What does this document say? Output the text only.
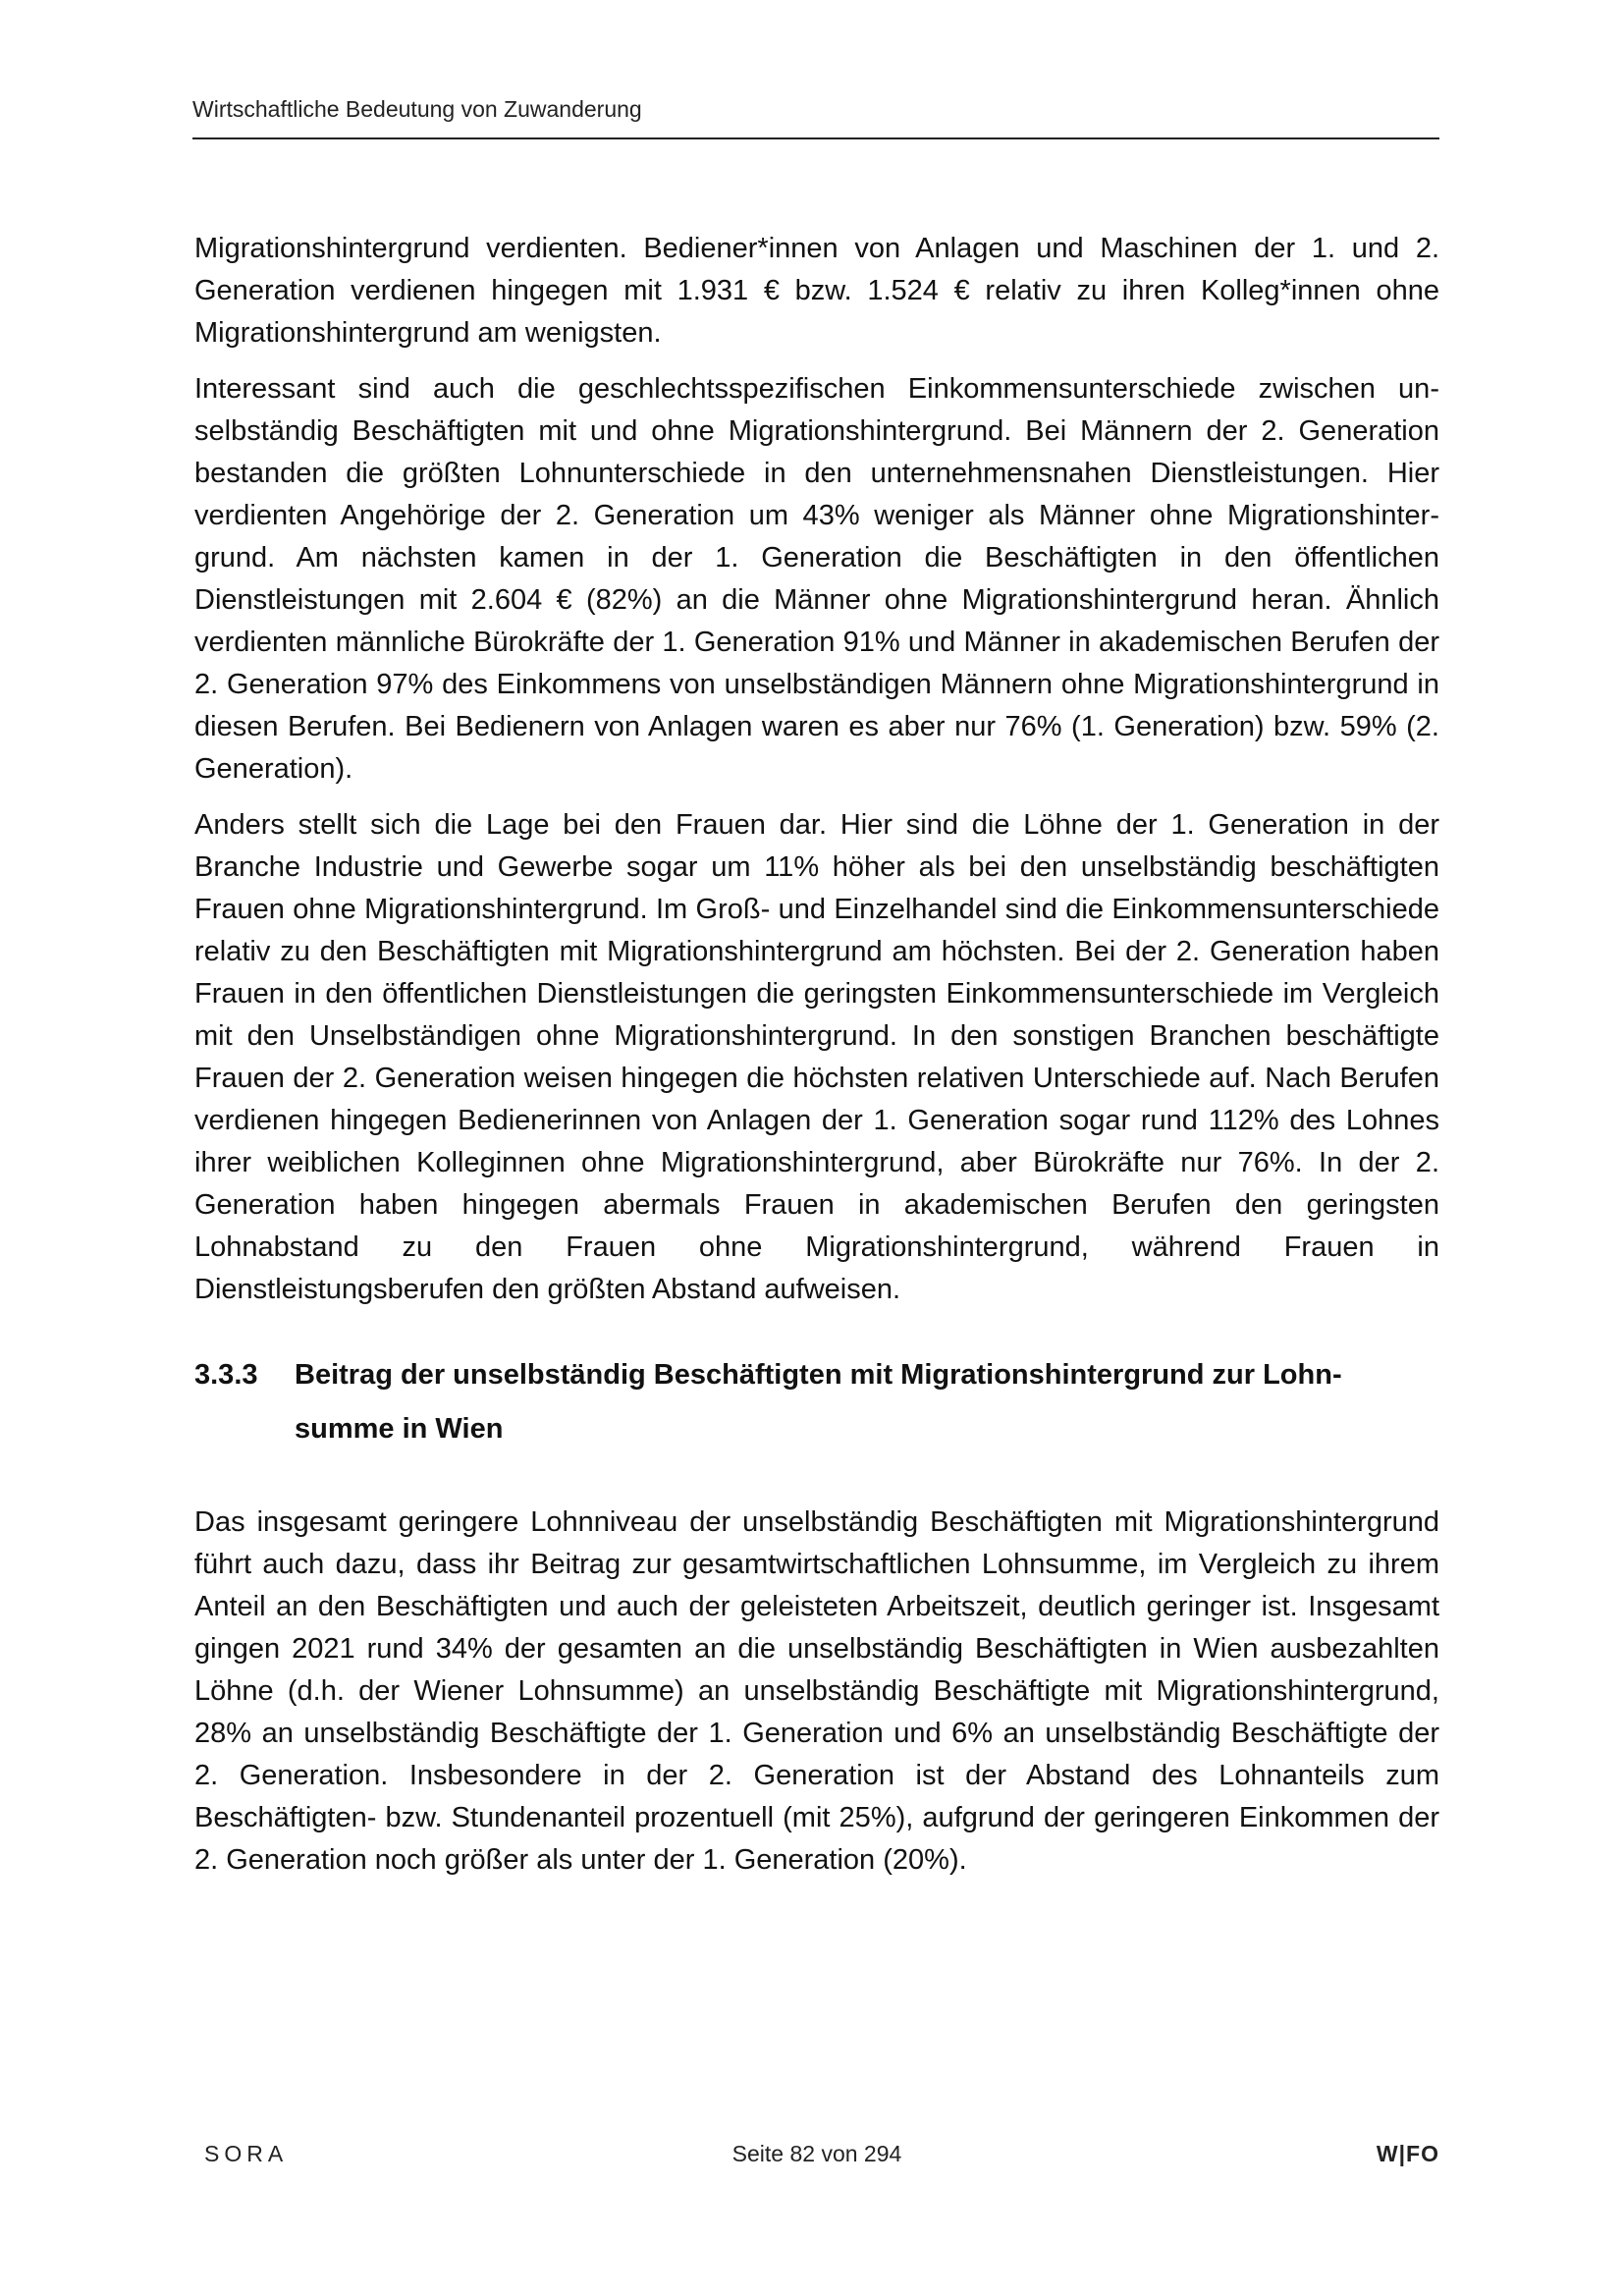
Wirtschaftliche Bedeutung von Zuwanderung

Migrationshintergrund verdienten. Bediener*innen von Anlagen und Maschinen der 1. und 2. Generation verdienen hingegen mit 1.931 € bzw. 1.524 € relativ zu ihren Kolleg*innen ohne Migrationshintergrund am wenigsten.

Interessant sind auch die geschlechtsspezifischen Einkommensunterschiede zwischen unselbständig Beschäftigten mit und ohne Migrationshintergrund. Bei Männern der 2. Generation bestanden die größten Lohnunterschiede in den unternehmensnahen Dienstleistungen. Hier verdienten Angehörige der 2. Generation um 43% weniger als Männer ohne Migrationshintergrund. Am nächsten kamen in der 1. Generation die Beschäftigten in den öffentlichen Dienstleistungen mit 2.604 € (82%) an die Männer ohne Migrationshintergrund heran. Ähnlich verdienten männliche Bürokräfte der 1. Generation 91% und Männer in akademischen Berufen der 2. Generation 97% des Einkommens von unselbständigen Männern ohne Migrationshintergrund in diesen Berufen. Bei Bedienern von Anlagen waren es aber nur 76% (1. Generation) bzw. 59% (2. Generation).

Anders stellt sich die Lage bei den Frauen dar. Hier sind die Löhne der 1. Generation in der Branche Industrie und Gewerbe sogar um 11% höher als bei den unselbständig beschäftigten Frauen ohne Migrationshintergrund. Im Groß- und Einzelhandel sind die Einkommensunterschiede relativ zu den Beschäftigten mit Migrationshintergrund am höchsten. Bei der 2. Generation haben Frauen in den öffentlichen Dienstleistungen die geringsten Einkommensunterschiede im Vergleich mit den Unselbständigen ohne Migrationshintergrund. In den sonstigen Branchen beschäftigte Frauen der 2. Generation weisen hingegen die höchsten relativen Unterschiede auf. Nach Berufen verdienen hingegen Bedienerinnen von Anlagen der 1. Generation sogar rund 112% des Lohnes ihrer weiblichen Kolleginnen ohne Migrationshintergrund, aber Bürokräfte nur 76%. In der 2. Generation haben hingegen abermals Frauen in akademischen Berufen den geringsten Lohnabstand zu den Frauen ohne Migrationshintergrund, während Frauen in Dienstleistungsberufen den größten Abstand aufweisen.

3.3.3	Beitrag der unselbständig Beschäftigten mit Migrationshintergrund zur Lohnsumme in Wien

Das insgesamt geringere Lohnniveau der unselbständig Beschäftigten mit Migrationshintergrund führt auch dazu, dass ihr Beitrag zur gesamtwirtschaftlichen Lohnsumme, im Vergleich zu ihrem Anteil an den Beschäftigten und auch der geleisteten Arbeitszeit, deutlich geringer ist. Insgesamt gingen 2021 rund 34% der gesamten an die unselbständig Beschäftigten in Wien ausbezahlten Löhne (d.h. der Wiener Lohnsumme) an unselbständig Beschäftigte mit Migrationshintergrund, 28% an unselbständig Beschäftigte der 1. Generation und 6% an unselbständig Beschäftigte der 2. Generation. Insbesondere in der 2. Generation ist der Abstand des Lohnanteils zum Beschäftigten- bzw. Stundenanteil prozentuell (mit 25%), aufgrund der geringeren Einkommen der 2. Generation noch größer als unter der 1. Generation (20%).

SORA	Seite 82 von 294	W|FO
